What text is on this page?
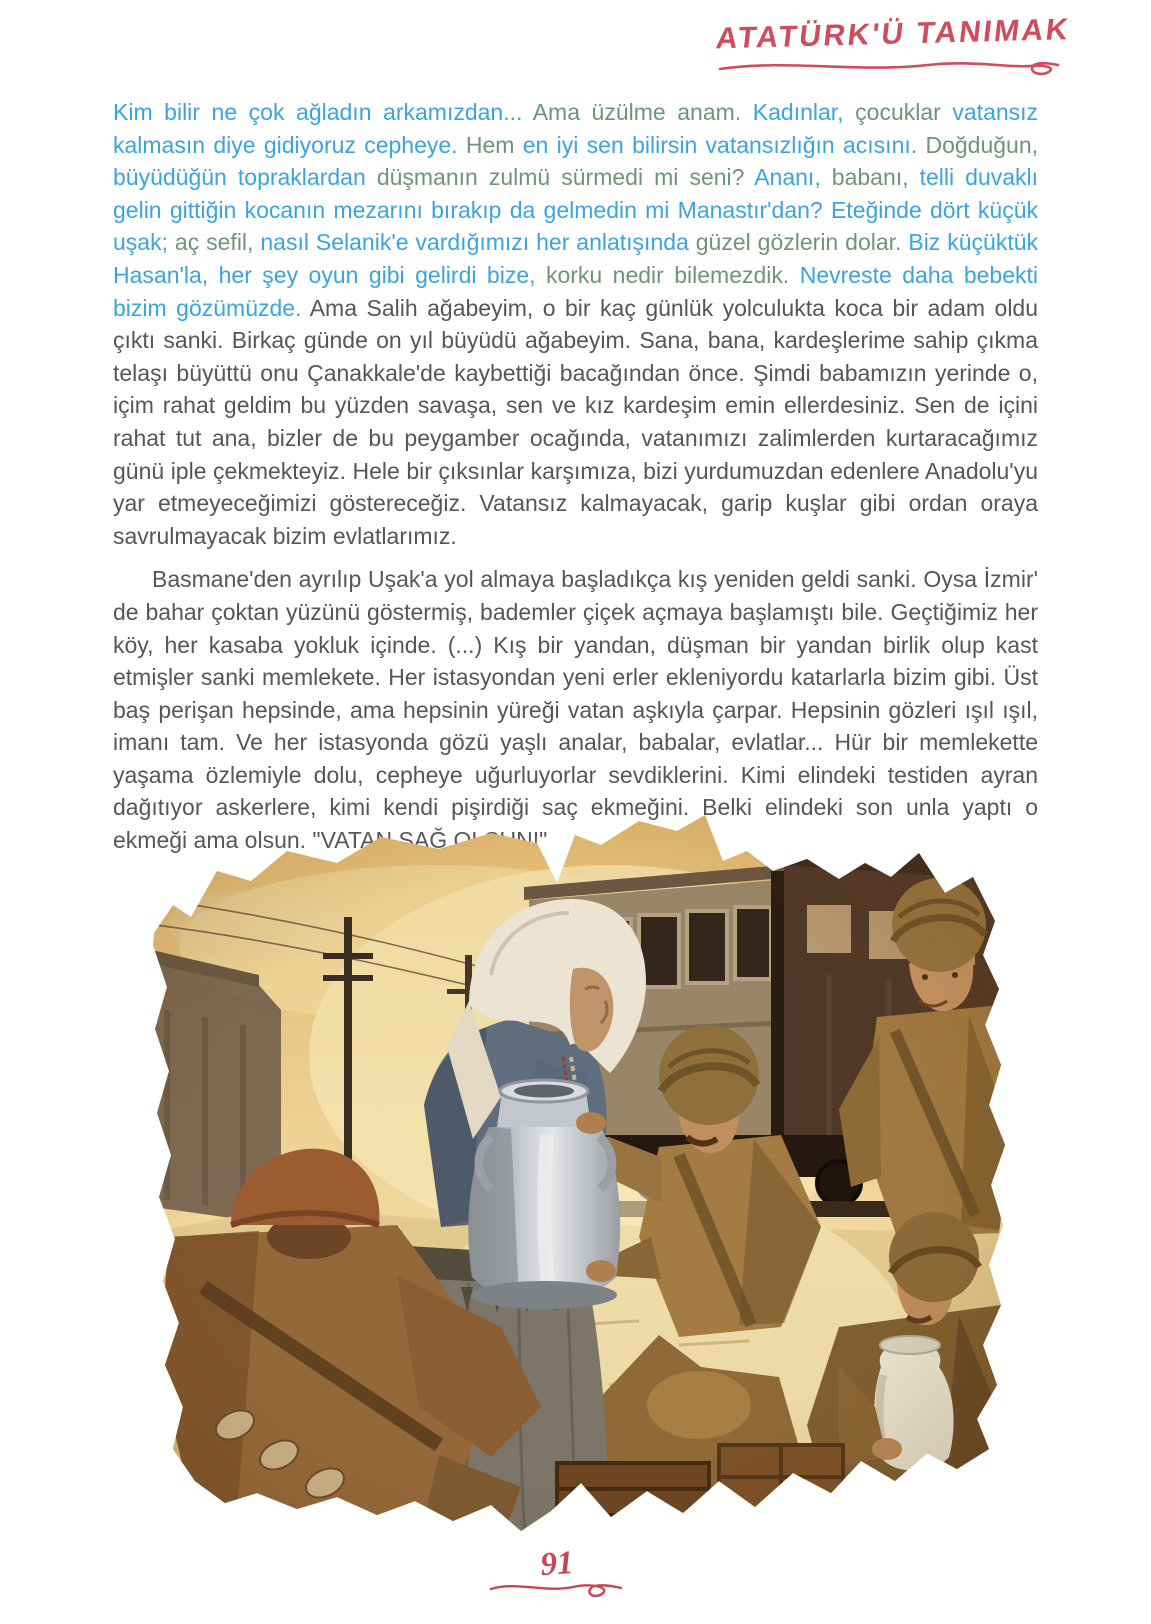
ATATÜRK'Ü TANIMAK

Kim bilir ne çok ağladın arkamızdan... Ama üzülme anam. Kadınlar, çocuklar vatansız kalmasın diye gidiyoruz cepheye. Hem en iyi sen bilirsin vatansızlığın acısını. Doğduğun, büyüdüğün topraklardan düşmanın zulmü sürmedi mi seni? Ananı, babanı, telli duvaklı gelin gittiğin kocanın mezarını bırakıp da gelmedin mi Manastır'dan? Eteğinde dört küçük uşak; aç sefil, nasıl Selanik'e vardığımızı her anlatışında güzel gözlerin dolar. Biz küçüktük Hasan'la, her şey oyun gibi gelirdi bize, korku nedir bilemezdik. Nevreste daha bebekti bizim gözümüzde. Ama Salih ağabeyim, o bir kaç günlük yolculukta koca bir adam oldu çıktı sanki. Birkaç günde on yıl büyüdü ağabeyim. Sana, bana, kardeşlerime sahip çıkma telaşı büyüttü onu Çanakkale'de kaybettiği bacağından önce. Şimdi babamızın yerinde o, içim rahat geldim bu yüzden savaşa, sen ve kız kardeşim emin ellerdesiniz. Sen de içini rahat tut ana, bizler de bu peygamber ocağında, vatanımızı zalimlerden kurtaracağımız günü iple çekmekteyiz. Hele bir çıksınlar karşımıza, bizi yurdumuzdan edenlere Anadolu'yu yar etmeyeceğimizi göstereceğiz. Vatansız kalmayacak, garip kuşlar gibi ordan oraya savrulmayacak bizim evlatlarımız.

Basmane'den ayrılıp Uşak'a yol almaya başladıkça kış yeniden geldi sanki. Oysa İzmir' de bahar çoktan yüzünü göstermiş, bademler çiçek açmaya başlamıştı bile. Geçtiğimiz her köy, her kasaba yokluk içinde. (...) Kış bir yandan, düşman bir yandan birlik olup kast etmişler sanki memlekete. Her istasyondan yeni erler ekleniyordu katarlarla bizim gibi. Üst baş perişan hepsinde, ama hepsinin yüreği vatan aşkıyla çarpar. Hepsinin gözleri ışıl ışıl, imanı tam. Ve her istasyonda gözü yaşlı analar, babalar, evlatlar... Hür bir memlekette yaşama özlemiyle dolu, cepheye uğurluyorlar sevdiklerini. Kimi elindeki testiden ayran dağıtıyor askerlere, kimi kendi pişirdiği saç ekmeğini. Belki elindeki son unla yaptı o ekmeği ama olsun. "VATAN SAĞ OLSUN!"

91
